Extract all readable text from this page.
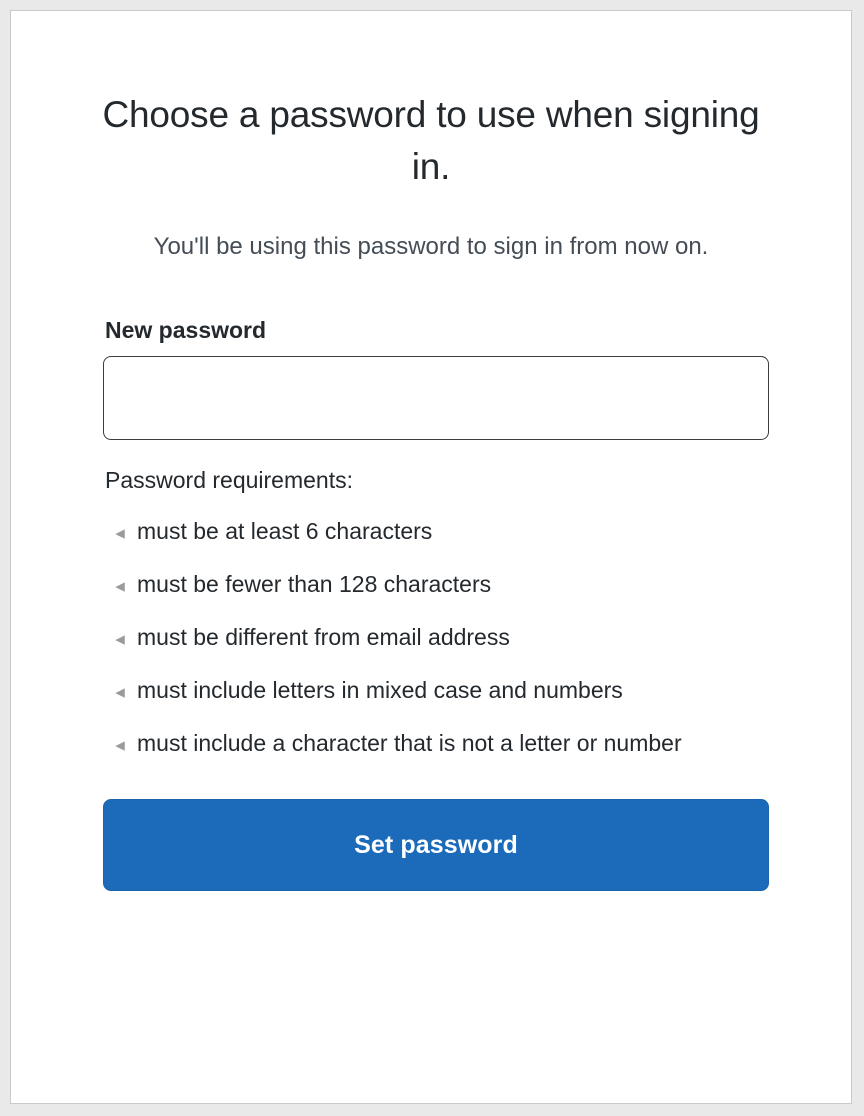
Choose a password to use when signing in.

You'll be using this password to sign in from now on.

New password

Password requirements:

◂ must be at least 6 characters
◂ must be fewer than 128 characters
◂ must be different from email address
◂ must include letters in mixed case and numbers
◂ must include a character that is not a letter or number
Set password
